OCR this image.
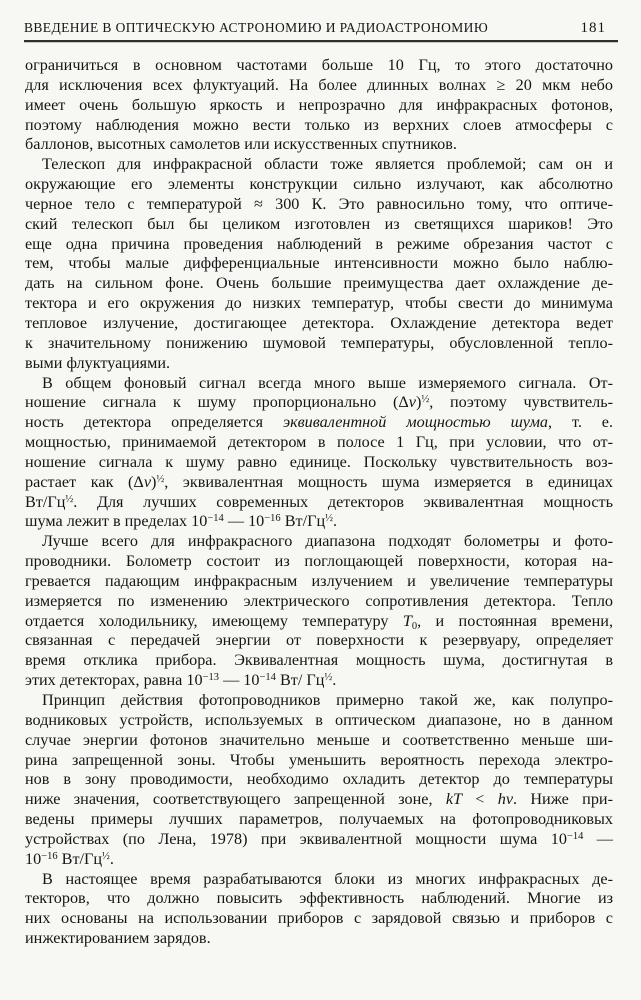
ВВЕДЕНИЕ В ОПТИЧЕСКУЮ АСТРОНОМИЮ И РАДИОАСТРОНОМИЮ	181
ограничиться в основном частотами больше 10 Гц, то этого достаточно
для исключения всех флуктуаций. На более длинных волнах ≥ 20 мкм небо
имеет очень большую яркость и непрозрачно для инфракрасных фотонов,
поэтому наблюдения можно вести только из верхних слоев атмосферы с
баллонов, высотных самолетов или искусственных спутников.
Телескоп для инфракрасной области тоже является проблемой; сам он и
окружающие его элементы конструкции сильно излучают, как абсолютно
черное тело с температурой ≈ 300 К. Это равносильно тому, что оптиче-
ский телескоп был бы целиком изготовлен из светящихся шариков! Это
еще одна причина проведения наблюдений в режиме обрезания частот с
тем, чтобы малые дифференциальные интенсивности можно было наблю-
дать на сильном фоне. Очень большие преимущества дает охлаждение де-
тектора и его окружения до низких температур, чтобы свести до минимума
тепловое излучение, достигающее детектора. Охлаждение детектора ведет
к значительному понижению шумовой температуры, обусловленной тепло-
выми флуктуациями.
В общем фоновый сигнал всегда много выше измеряемого сигнала. От-
ношение сигнала к шуму пропорционально $(\Delta\nu)^{\frac{1}{2}}$, поэтому чувствитель-
ность детектора определяется эквивалентной мощностью шума, т. е.
мощностью, принимаемой детектором в полосе 1 Гц, при условии, что от-
ношение сигнала к шуму равно единице. Поскольку чувствительность воз-
растает как $(\Delta\nu)^{\frac{1}{2}}$, эквивалентная мощность шума измеряется в единицах
$Вт/Гц^{\frac{1}{2}}$. Для лучших современных детекторов эквивалентная мощность
шума лежит в пределах $10^{-14}$ — $10^{-16}$ $Вт/Гц^{\frac{1}{2}}$.
Лучше всего для инфракрасного диапазона подходят болометры и фото-
проводники. Болометр состоит из поглощающей поверхности, которая на-
гревается падающим инфракрасным излучением и увеличение температуры
измеряется по изменению электрического сопротивления детектора. Тепло
отдается холодильнику, имеющему температуру $T_0$, и постоянная времени,
связанная с передачей энергии от поверхности к резервуару, определяет
время отклика прибора. Эквивалентная мощность шума, достигнутая в
этих детекторах, равна $10^{-13}$ — $10^{-14}$ Вт/ $Гц^{\frac{1}{2}}$.
Принцип действия фотопроводников примерно такой же, как полупро-
водниковых устройств, используемых в оптическом диапазоне, но в данном
случае энергии фотонов значительно меньше и соответственно меньше ши-
рина запрещенной зоны. Чтобы уменьшить вероятность перехода электро-
нов в зону проводимости, необходимо охладить детектор до температуры
ниже значения, соответствующего запрещенной зоне, kT < hν. Ниже при-
ведены примеры лучших параметров, получаемых на фотопроводниковых
устройствах (по Лена, 1978) при эквивалентной мощности шума $10^{-14}$ —
$10^{-16}$ $Вт/Гц^{\frac{1}{2}}$.
В настоящее время разрабатываются блоки из многих инфракрасных де-
текторов, что должно повысить эффективность наблюдений. Многие из
них основаны на использовании приборов с зарядовой связью и приборов с
инжектированием зарядов.
